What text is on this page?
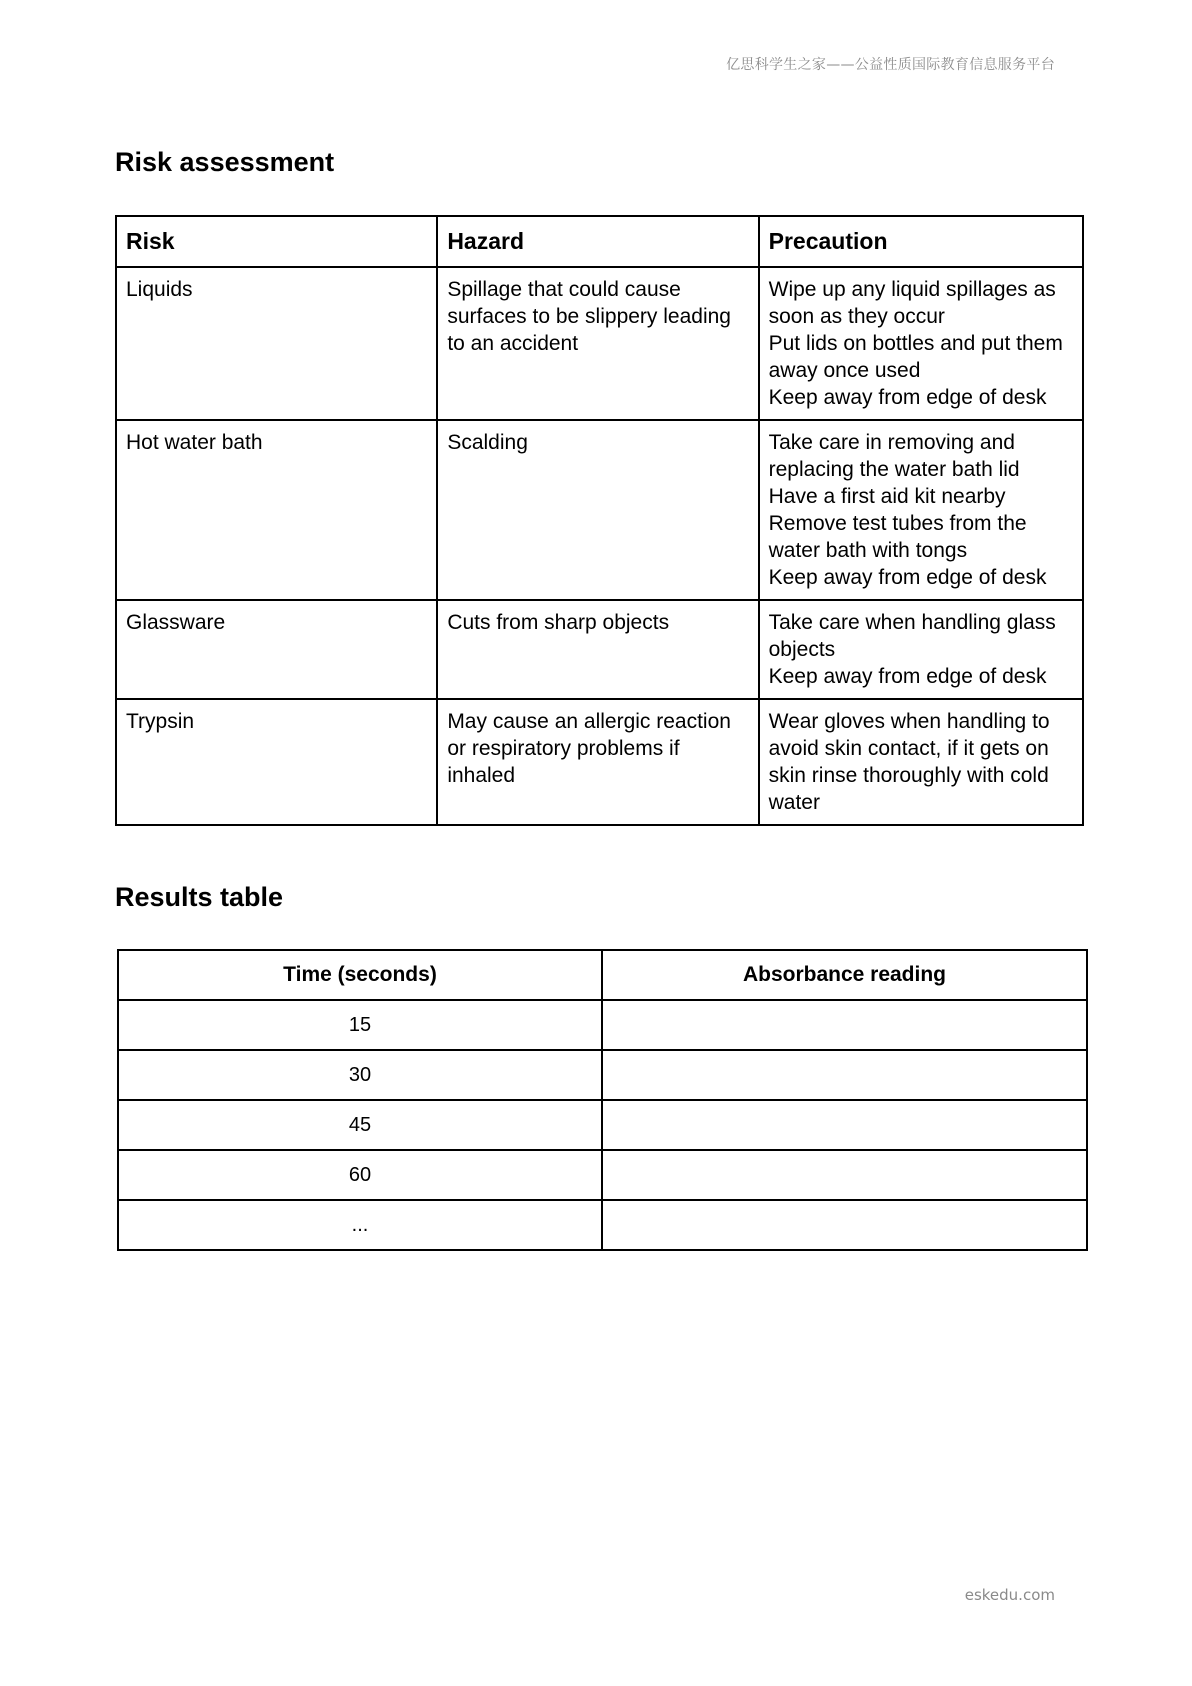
亿思科学生之家——公益性质国际教育信息服务平台
Risk assessment
Risk	Hazard	Precaution
Liquids	Spillage that could cause surfaces to be slippery leading to an accident	Wipe up any liquid spillages as soon as they occur
Put lids on bottles and put them away once used
Keep away from edge of desk

Hot water bath	Scalding	Take care in removing and replacing the water bath lid
Have a first aid kit nearby
Remove test tubes from the water bath with tongs
Keep away from edge of desk

Glassware	Cuts from sharp objects	Take care when handling glass objects
Keep away from edge of desk

Trypsin	May cause an allergic reaction or respiratory problems if inhaled	Wear gloves when handling to avoid skin contact, if it gets on skin rinse thoroughly with cold water
Results table
Time (seconds)	Absorbance reading
15	
30	
45	
60	
...	
eskedu.com
